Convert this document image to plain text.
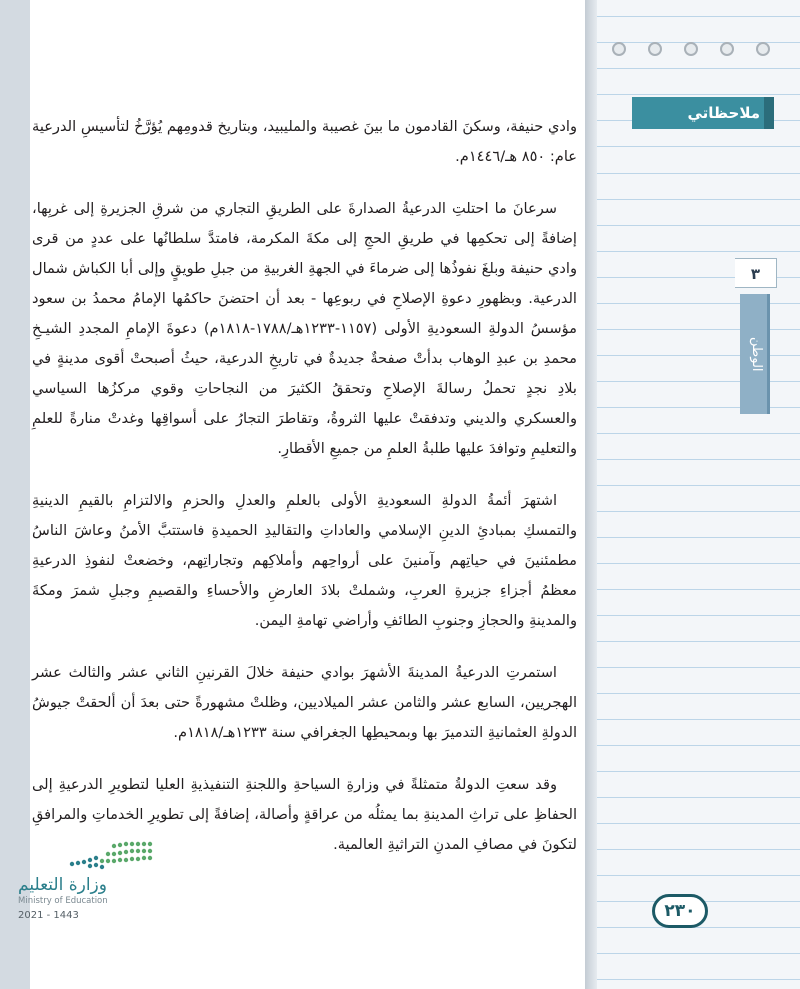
وادي حنيفة، وسكنَ القادمون ما بينَ غصيبة والمليبيد، وبتاريخ قدومِهم يُؤرَّخُ لتأسيسِ الدرعية عام: ٨٥٠ هـ/١٤٤٦م.

سرعانَ ما احتلتِ الدرعيةُ الصدارةَ على الطريقِ التجاري من شرقِ الجزيرةِ إلى غربِها، إضافةً إلى تحكمِها في طريقِ الحجِ إلى مكةَ المكرمة، فامتدَّ سلطانُها على عددٍ من قرى وادي حنيفة وبلغَ نفوذُها إلى ضرماءَ في الجهةِ الغربيةِ من جبلِ طويقٍ وإلى أبا الكباش شمال الدرعية. وبظهورِ دعوةِ الإصلاحِ في ربوعِها - بعد أن احتضنَ حاكمُها الإمامُ محمدُ بن سعود مؤسسُ الدولةِ السعوديةِ الأولى (١١٥٧-١٢٣٣هـ/١٧٨٨-١٨١٨م) دعوةَ الإمامِ المجددِ الشيـخِ محمدِ بن عبدِ الوهاب بدأتْ صفحةٌ جديدةٌ في تاريخِ الدرعية، حيثُ أصبحتْ أقوى مدينةٍ في بلادِ نجدٍ تحملُ رسالةَ الإصلاحِ وتحققُ الكثيرَ من النجاحاتِ وقوي مركزُها السياسي والعسكري والديني وتدفقتْ عليها الثروةُ، وتقاطرَ التجارُ على أسواقِها وغدتْ منارةً للعلمِ والتعليمِ وتوافدَ عليها طلبةُ العلمِ من جميعِ الأقطارِ.

اشتهرَ أئمةُ الدولةِ السعوديةِ الأولى بالعلمِ والعدلِ والحزمِ والالتزامِ بالقيمِ الدينيةِ والتمسكِ بمبادئِ الدينِ الإسلامي والعاداتِ والتقاليدِ الحميدةِ فاستتبَّ الأمنُ وعاشَ الناسُ مطمئنينَ في حياتِهم وآمنينَ على أرواحِهم وأملاكِهم وتجاراتِهم، وخضعتْ لنفوذِ الدرعيةِ معظمُ أجزاءِ جزيرةِ العربِ، وشملتْ بلادَ العارضِ والأحساءِ والقصيمِ وجبلِ شمرَ ومكةَ والمدينةِ والحجازِ وجنوبِ الطائفِ وأراضي تهامةِ اليمن.

استمرتِ الدرعيةُ المدينةَ الأشهرَ بوادي حنيفة خلالَ القرنينِ الثاني عشر والثالث عشر الهجريين، السابع عشر والثامن عشر الميلاديين، وظلتْ مشهورةً حتى بعدَ أن ألحقتْ جيوشُ الدولةِ العثمانيةِ التدميرَ بها وبمحيطِها الجغرافي سنة ١٢٣٣هـ/١٨١٨م.

وقد سعتِ الدولةُ متمثلةً في وزارةِ السياحةِ واللجنةِ التنفيذيةِ العليا لتطويرِ الدرعيةِ إلى الحفاظِ على تراثِ المدينةِ بما يمثلُه من عراقةٍ وأصالة، إضافةً إلى تطويرِ الخدماتِ والمرافقِ لتكونَ في مصافِ المدنِ التراثيةِ العالمية.

وزارة التعليم
Ministry of Education
2021 - 1443
ملاحظاتي
٣
الوطن
٢٣٠
